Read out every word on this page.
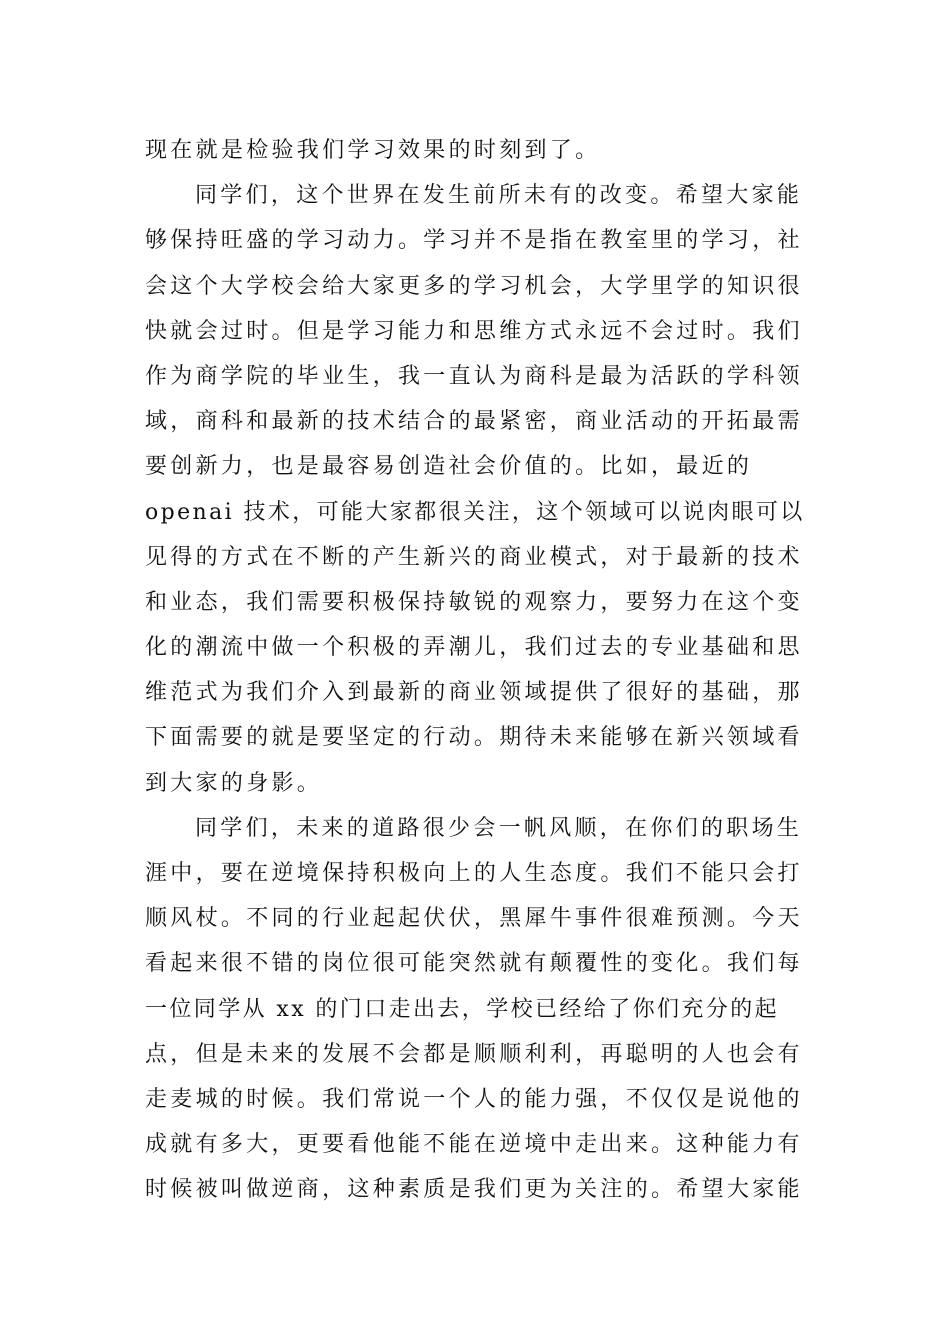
现在就是检验我们学习效果的时刻到了。
同学们，这个世界在发生前所未有的改变。希望大家能
够保持旺盛的学习动力。学习并不是指在教室里的学习，社
会这个大学校会给大家更多的学习机会，大学里学的知识很
快就会过时。但是学习能力和思维方式永远不会过时。我们
作为商学院的毕业生，我一直认为商科是最为活跃的学科领
域，商科和最新的技术结合的最紧密，商业活动的开拓最需
要创新力，也是最容易创造社会价值的。比如，最近的
openai 技术，可能大家都很关注，这个领域可以说肉眼可以
见得的方式在不断的产生新兴的商业模式，对于最新的技术
和业态，我们需要积极保持敏锐的观察力，要努力在这个变
化的潮流中做一个积极的弄潮儿，我们过去的专业基础和思
维范式为我们介入到最新的商业领域提供了很好的基础，那
下面需要的就是要坚定的行动。期待未来能够在新兴领域看
到大家的身影。
同学们，未来的道路很少会一帆风顺，在你们的职场生
涯中，要在逆境保持积极向上的人生态度。我们不能只会打
顺风杖。不同的行业起起伏伏，黑犀牛事件很难预测。今天
看起来很不错的岗位很可能突然就有颠覆性的变化。我们每
一位同学从 xx 的门口走出去，学校已经给了你们充分的起
点，但是未来的发展不会都是顺顺利利，再聪明的人也会有
走麦城的时候。我们常说一个人的能力强，不仅仅是说他的
成就有多大，更要看他能不能在逆境中走出来。这种能力有
时候被叫做逆商，这种素质是我们更为关注的。希望大家能
